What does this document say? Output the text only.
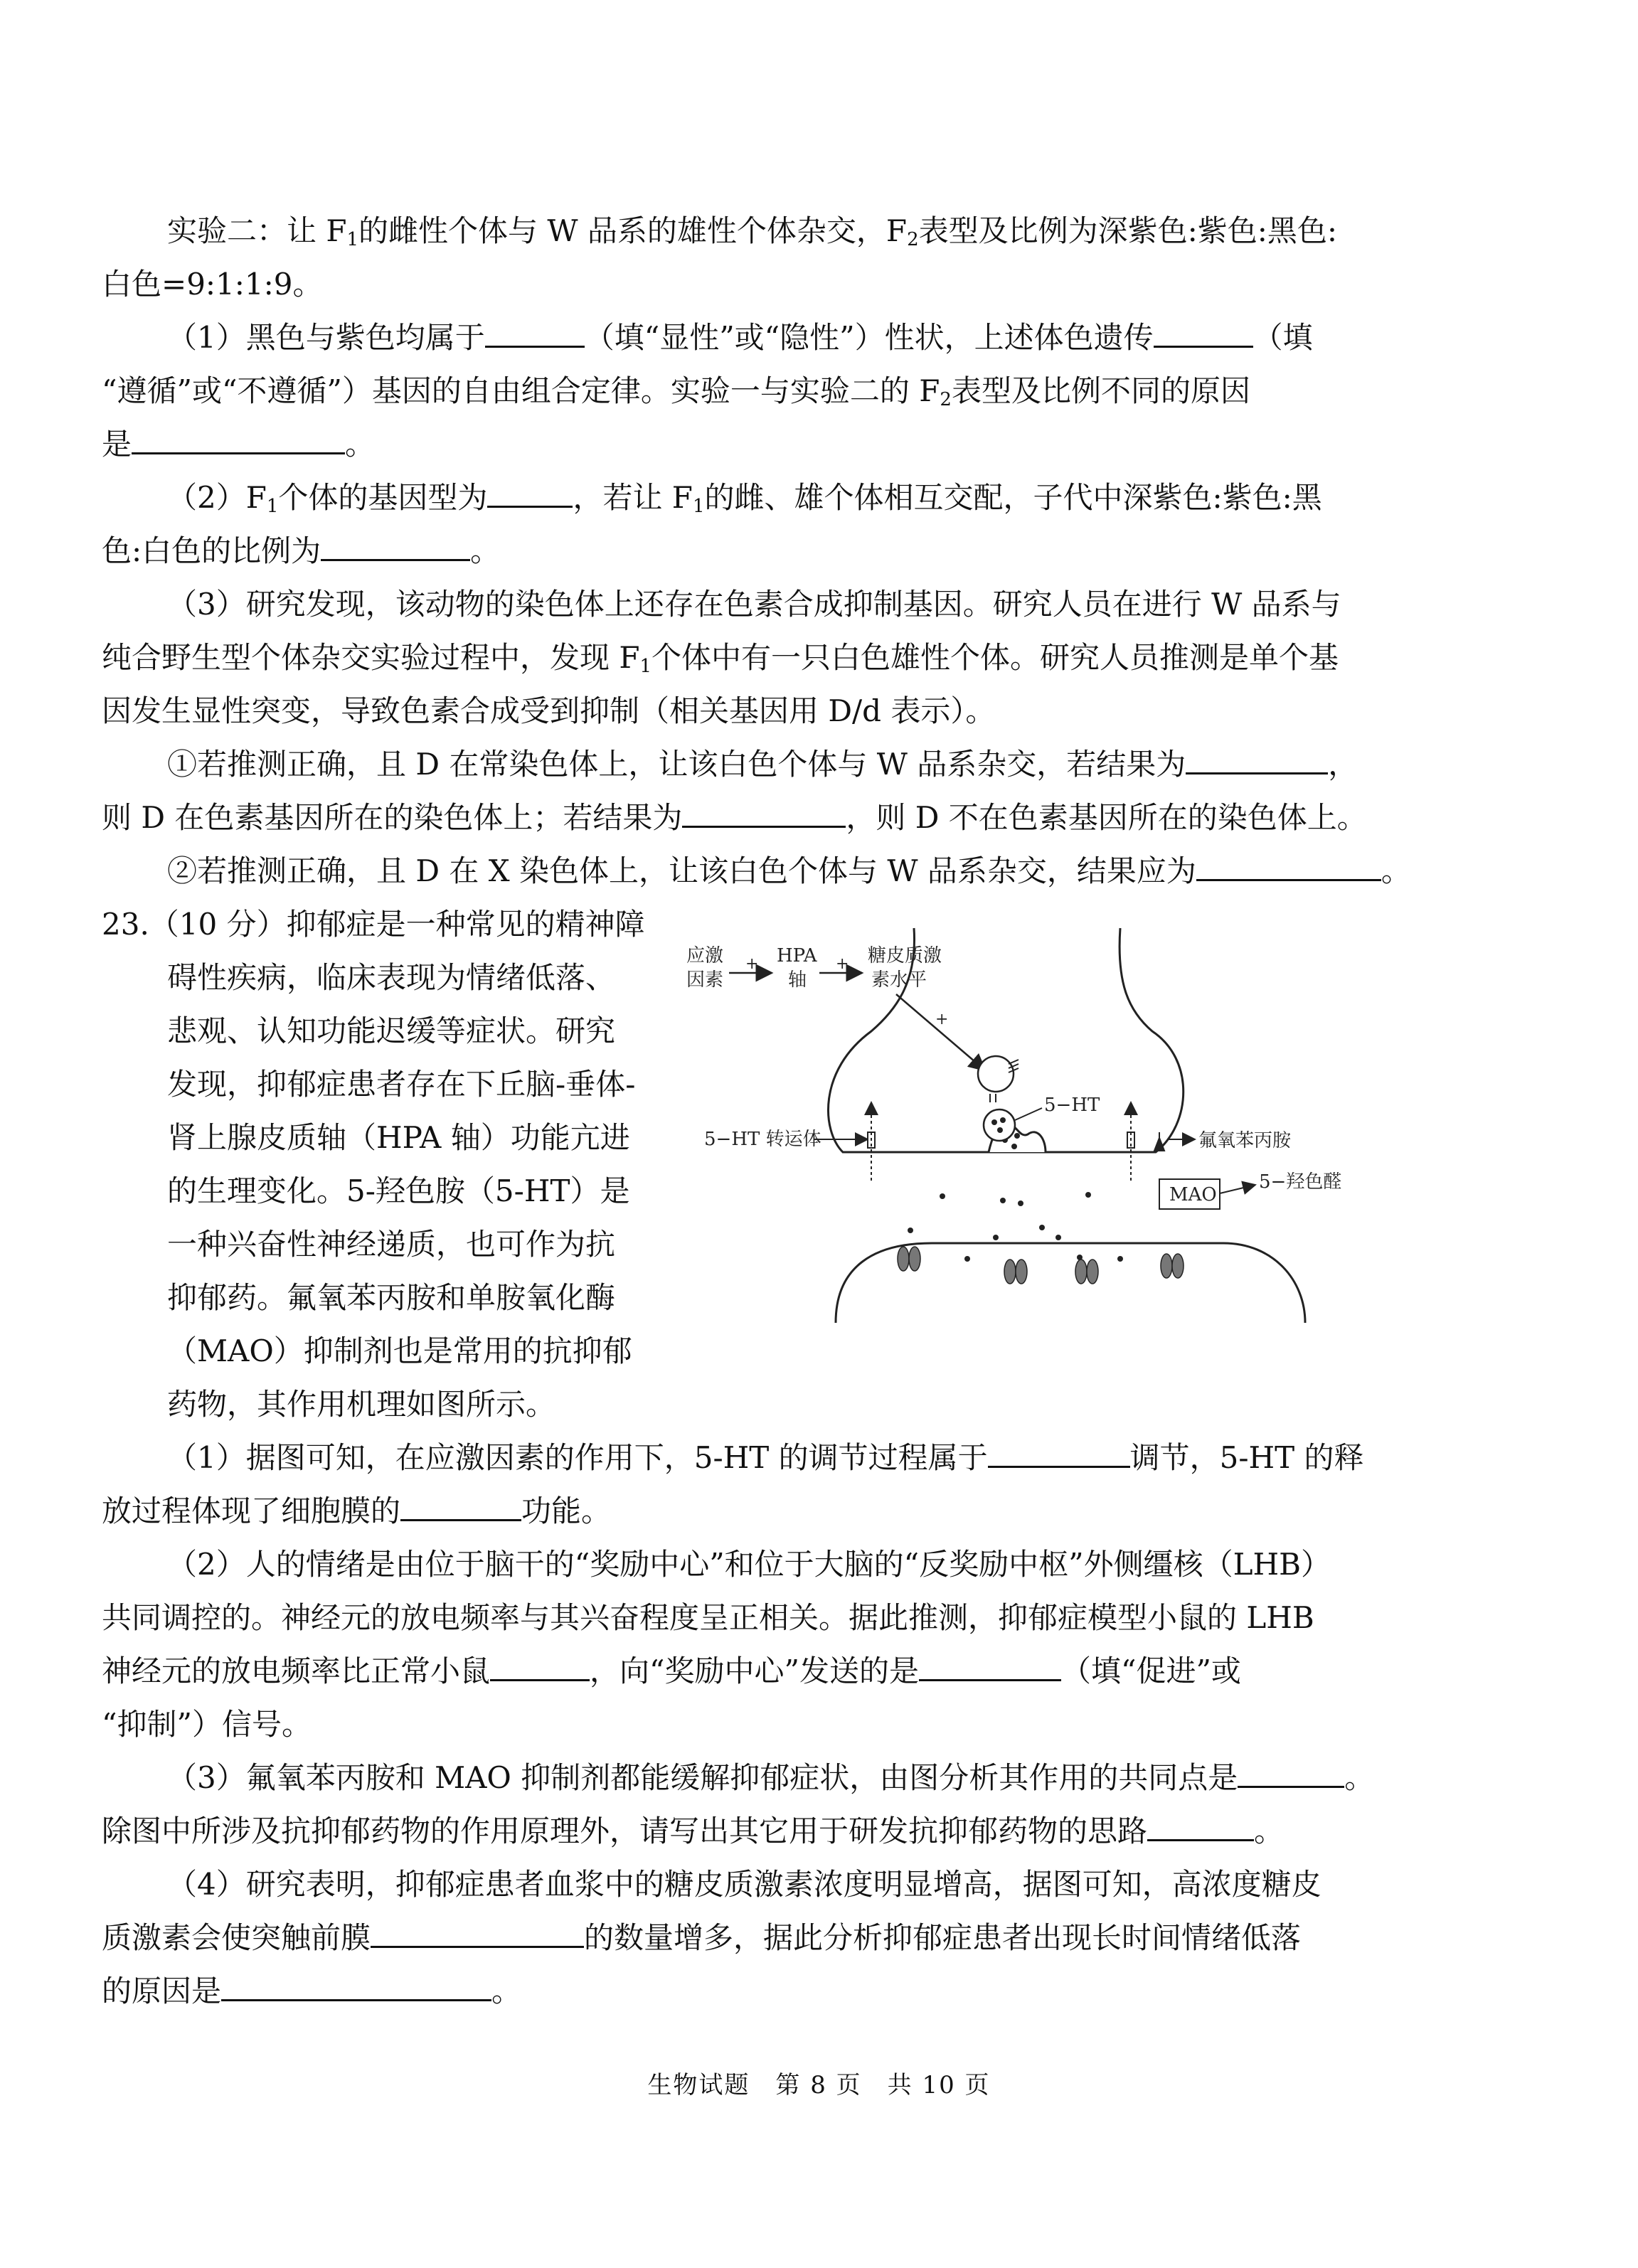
实验二：让 $F_1$的雌性个体与 W 品系的雄性个体杂交，$F_2$表型及比例为深紫色:紫色:黑色:
白色=9:1:1:9。
（1）黑色与紫色均属于	（填“显性”或“隐性”）性状，上述体色遗传	（填
“遵循”或“不遵循”）基因的自由组合定律。实验一与实验二的 $F_2$表型及比例不同的原因
是	。
$(2)F_1$个体的基因型为	，若让 $F_1$的雌、雄个体相互交配，子代中深紫色:紫色:黑
色:白色的比例为	。
（3）研究发现，该动物的染色体上还存在色素合成抑制基因。研究人员在进行 W 品系与
纯合野生型个体杂交实验过程中，发现 $F_1$个体中有一只白色雄性个体。研究人员推测是单个基
因发生显性突变，导致色素合成受到抑制（相关基因用 D/d 表示）。
①若推测正确，且 D 在常染色体上，让该白色个体与 W 品系杂交，若结果为	，
则 D 在色素基因所在的染色体上；若结果为	，则 D 不在色素基因所在的染色体上。
②若推测正确，且 D 在 X 染色体上，让该白色个体与 W 品系杂交，结果应为	。
23.（10 分）抑郁症是一种常见的精神障
碍性疾病，临床表现为情绪低落、
悲观、认知功能迟缓等症状。研究
发现，抑郁症患者存在下丘脑-垂体-
肾上腺皮质轴（HPA 轴）功能亢进
的生理变化。5-羟色胺（5-HT）是
一种兴奋性神经递质，也可作为抗
抑郁药。氟氧苯丙胺和单胺氧化酶
（MAO）抑制剂也是常用的抗抑郁
药物，其作用机理如图所示。
应激
因素
+ HPA
轴
+ 糖皮质激
素水平
+
5−HT
5−HT 转运体	氟氧苯丙胺
MAO
5−羟色醛
（1）据图可知，在应激因素的作用下，5-HT 的调节过程属于	调节，5-HT 的释
放过程体现了细胞膜的	功能。
（2）人的情绪是由位于脑干的“奖励中心”和位于大脑的“反奖励中枢”外侧缰核（LHB）
共同调控的。神经元的放电频率与其兴奋程度呈正相关。据此推测，抑郁症模型小鼠的 LHB
神经元的放电频率比正常小鼠	，向“奖励中心”发送的是	（填“促进”或
“抑制”）信号。
（3）氟氧苯丙胺和 MAO 抑制剂都能缓解抑郁症状，由图分析其作用的共同点是	。
除图中所涉及抗抑郁药物的作用原理外，请写出其它用于研发抗抑郁药物的思路	。
（4）研究表明，抑郁症患者血浆中的糖皮质激素浓度明显增高，据图可知，高浓度糖皮
质激素会使突触前膜	的数量增多，据此分析抑郁症患者出现长时间情绪低落
的原因是	。
生物试题　第 8 页　共 10 页
